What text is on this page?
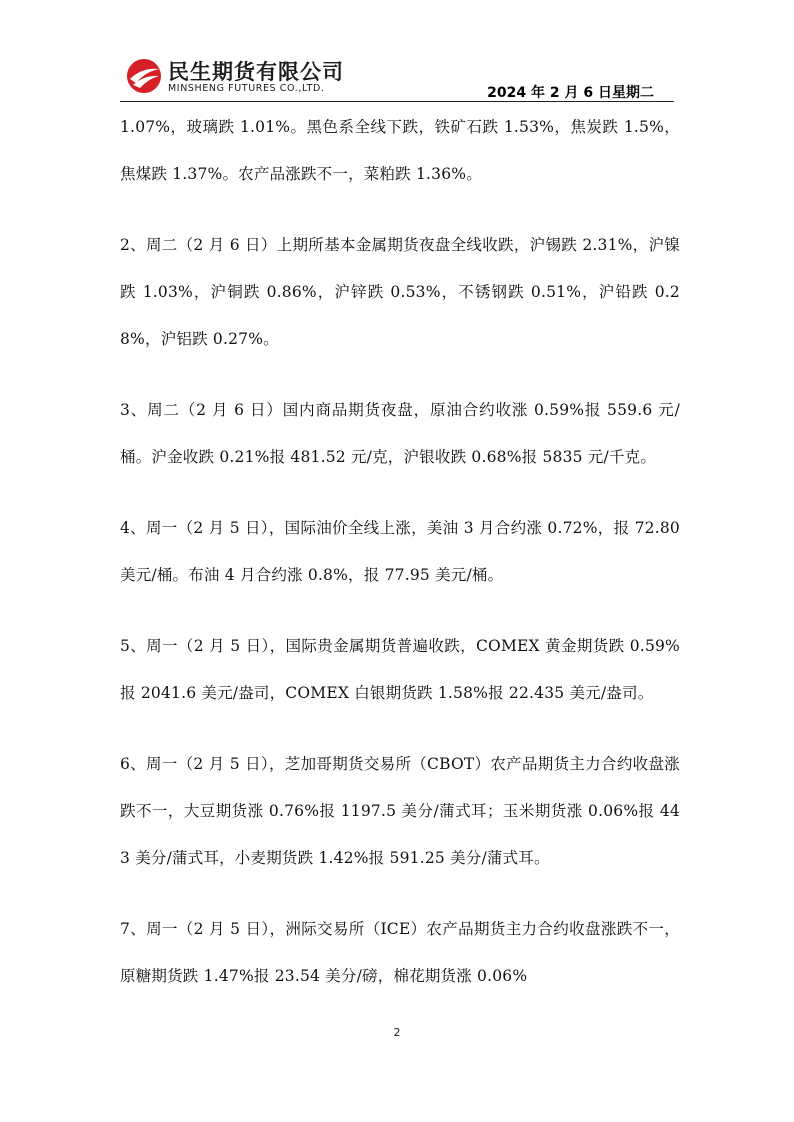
民生期货有限公司
MINSHENG FUTURES CO.,LTD.	2024 年 2 月 6 日星期二

1.07%，玻璃跌 1.01%。黑色系全线下跌，铁矿石跌 1.53%，焦炭跌 1.5%，焦煤跌 1.37%。农产品涨跌不一，菜粕跌 1.36%。

2、周二（2 月 6 日）上期所基本金属期货夜盘全线收跌，沪锡跌 2.31%，沪镍跌 1.03%，沪铜跌 0.86%，沪锌跌 0.53%，不锈钢跌 0.51%，沪铅跌 0.28%，沪铝跌 0.27%。

3、周二（2 月 6 日）国内商品期货夜盘，原油合约收涨 0.59%报 559.6 元/桶。沪金收跌 0.21%报 481.52 元/克，沪银收跌 0.68%报 5835 元/千克。

4、周一（2 月 5 日），国际油价全线上涨，美油 3 月合约涨 0.72%，报 72.80 美元/桶。布油 4 月合约涨 0.8%，报 77.95 美元/桶。

5、周一（2 月 5 日），国际贵金属期货普遍收跌，COMEX 黄金期货跌 0.59%报 2041.6 美元/盎司，COMEX 白银期货跌 1.58%报 22.435 美元/盎司。

6、周一（2 月 5 日），芝加哥期货交易所（CBOT）农产品期货主力合约收盘涨跌不一，大豆期货涨 0.76%报 1197.5 美分/蒲式耳；玉米期货涨 0.06%报 443 美分/蒲式耳，小麦期货跌 1.42%报 591.25 美分/蒲式耳。

7、周一（2 月 5 日），洲际交易所（ICE）农产品期货主力合约收盘涨跌不一，原糖期货跌 1.47%报 23.54 美分/磅，棉花期货涨 0.06%

2
